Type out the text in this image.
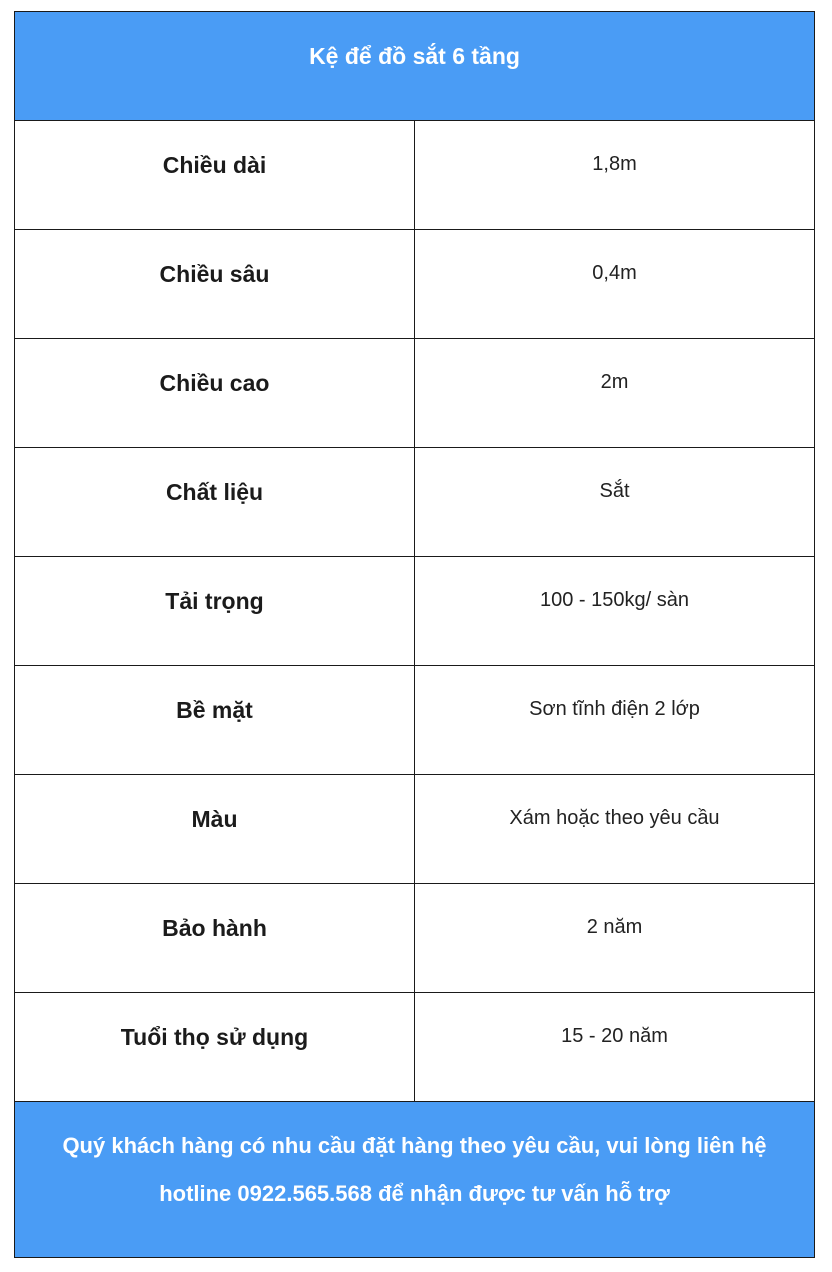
Kệ để đồ sắt 6 tầng	

Chiều dài	1,8m

Chiều sâu	0,4m

Chiều cao	2m

Chất liệu	Sắt

Tải trọng	100 - 150kg/ sàn

Bề mặt	Sơn tĩnh điện 2 lớp

Màu	Xám hoặc theo yêu cầu

Bảo hành	2 năm

Tuổi thọ sử dụng	15 - 20 năm

Quý khách hàng có nhu cầu đặt hàng theo yêu cầu, vui lòng liên hệ hotline 0922.565.568 để nhận được tư vấn hỗ trợ	
